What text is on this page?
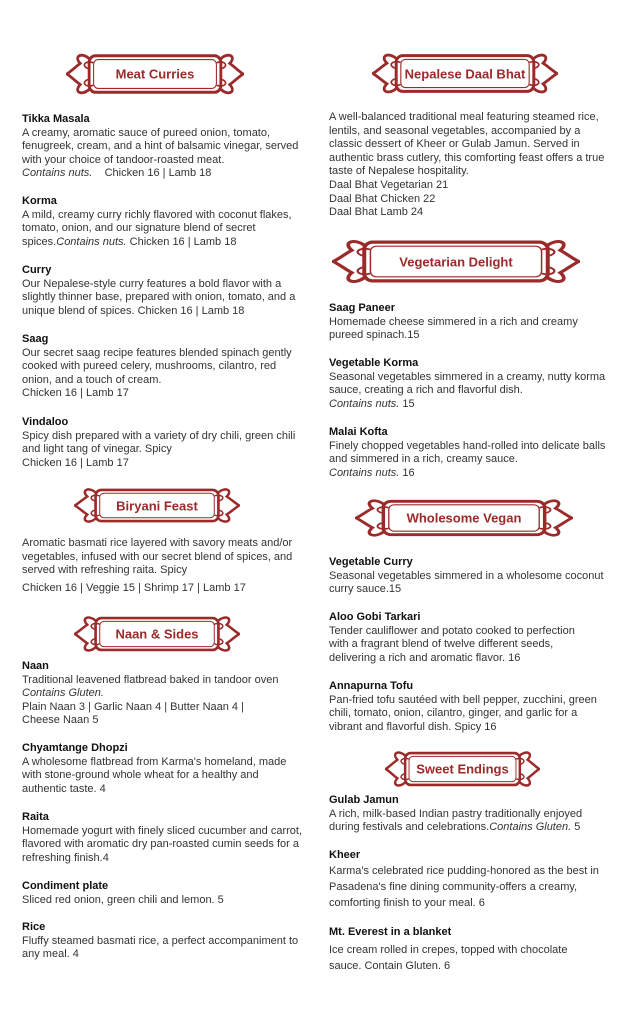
Meat Curries
Tikka Masala
A creamy, aromatic sauce of pureed onion, tomato, fenugreek, cream, and a hint of balsamic vinegar, served with your choice of tandoor-roasted meat.
Contains nuts. Chicken 16 | Lamb 18
Korma
A mild, creamy curry richly flavored with coconut flakes, tomato, onion, and our signature blend of secret spices.Contains nuts. Chicken 16 | Lamb 18
Curry
Our Nepalese-style curry features a bold flavor with a slightly thinner base, prepared with onion, tomato, and a unique blend of spices. Chicken 16 | Lamb 18
Saag
Our secret saag recipe features blended spinach gently cooked with pureed celery, mushrooms, cilantro, red onion, and a touch of cream.
Chicken 16 | Lamb 17
Vindaloo
Spicy dish prepared with a variety of dry chili, green chili and light tang of vinegar. Spicy
Chicken 16 | Lamb 17
Biryani Feast
Aromatic basmati rice layered with savory meats and/or vegetables, infused with our secret blend of spices, and served with refreshing raita. Spicy
Chicken 16 | Veggie 15 | Shrimp 17 | Lamb 17
Naan & Sides
Naan
Traditional leavened flatbread baked in tandoor oven
Contains Gluten.
Plain Naan 3 | Garlic Naan 4 | Butter Naan 4 | Cheese Naan 5
Chyamtange Dhopzi
A wholesome flatbread from Karma's homeland, made with stone-ground whole wheat for a healthy and authentic taste. 4
Raita
Homemade yogurt with finely sliced cucumber and carrot, flavored with aromatic dry pan-roasted cumin seeds for a refreshing finish.4
Condiment plate
Sliced red onion, green chili and lemon. 5
Rice
Fluffy steamed basmati rice, a perfect accompaniment to any meal. 4
Nepalese Daal Bhat
A well-balanced traditional meal featuring steamed rice, lentils, and seasonal vegetables, accompanied by a classic dessert of Kheer or Gulab Jamun. Served in authentic brass cutlery, this comforting feast offers a true taste of Nepalese hospitality.
Daal Bhat Vegetarian 21
Daal Bhat Chicken 22
Daal Bhat Lamb 24
Vegetarian Delight
Saag Paneer
Homemade cheese simmered in a rich and creamy pureed spinach.15
Vegetable Korma
Seasonal vegetables simmered in a creamy, nutty korma sauce, creating a rich and flavorful dish.
Contains nuts. 15
Malai Kofta
Finely chopped vegetables hand-rolled into delicate balls and simmered in a rich, creamy sauce.
Contains nuts. 16
Wholesome Vegan
Vegetable Curry
Seasonal vegetables simmered in a wholesome coconut curry sauce.15
Aloo Gobi Tarkari
Tender cauliflower and potato cooked to perfection with a fragrant blend of twelve different seeds, delivering a rich and aromatic flavor. 16
Annapurna Tofu
Pan-fried tofu sautéed with bell pepper, zucchini, green chili, tomato, onion, cilantro, ginger, and garlic for a vibrant and flavorful dish. Spicy 16
Sweet Endings
Gulab Jamun
A rich, milk-based Indian pastry traditionally enjoyed during festivals and celebrations.Contains Gluten. 5
Kheer
Karma's celebrated rice pudding-honored as the best in Pasadena's fine dining community-offers a creamy, comforting finish to your meal. 6
Mt. Everest in a blanket
Ice cream rolled in crepes, topped with chocolate sauce. Contain Gluten. 6
